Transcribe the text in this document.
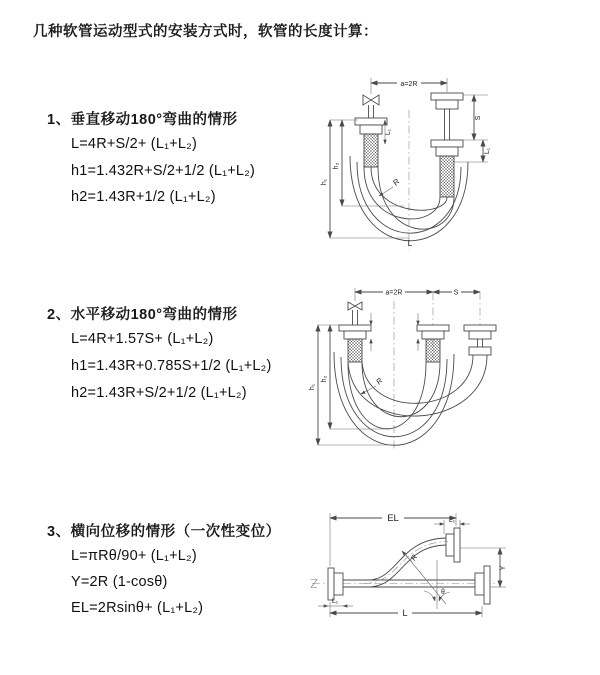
几种软管运动型式的安装方式时，软管的长度计算：
1、垂直移动180°弯曲的情形
L=4R+S/2+ (L₁+L₂)
h1=1.432R+S/2+1/2 (L₁+L₂)
h2=1.43R+1/2 (L₁+L₂)
2、水平移动180°弯曲的情形
L=4R+1.57S+ (L₁+L₂)
h1=1.43R+0.785S+1/2 (L₁+L₂)
h2=1.43R+S/2+1/2 (L₁+L₂)
3、横向位移的情形（一次性变位）
L=πRθ/90+ (L₁+L₂)
Y=2R (1-cosθ)
EL=2Rsinθ+ (L₁+L₂)
a=2R
L₁
R
h₁
h₂
S
L₁
L
a=2R	S
R
h₁
h₂
EL	L₁
Y
θ
R
L₁
L
